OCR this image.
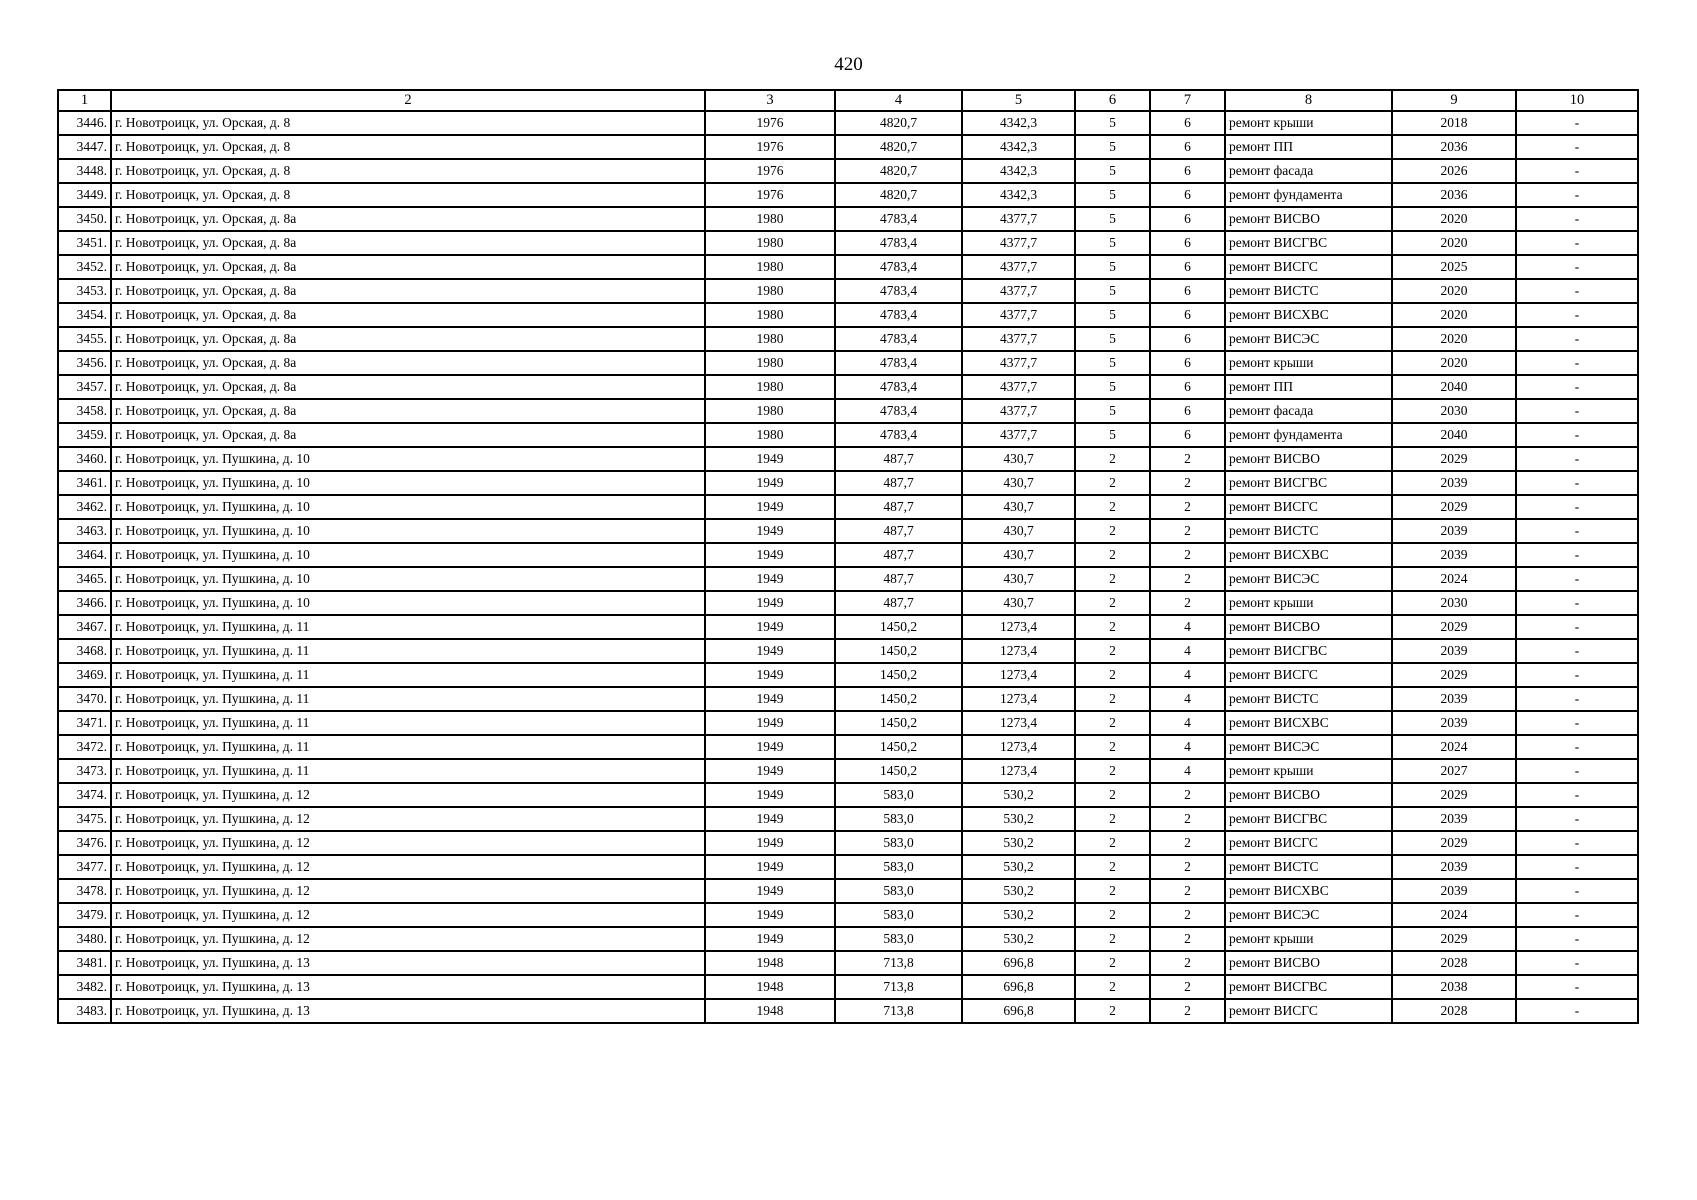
420
1	2	3	4	5	6	7	8	9	10
3446.	г. Новотроицк, ул. Орская, д. 8	1976	4820,7	4342,3	5	6	ремонт крыши	2018	-
3447.	г. Новотроицк, ул. Орская, д. 8	1976	4820,7	4342,3	5	6	ремонт ПП	2036	-
3448.	г. Новотроицк, ул. Орская, д. 8	1976	4820,7	4342,3	5	6	ремонт фасада	2026	-
3449.	г. Новотроицк, ул. Орская, д. 8	1976	4820,7	4342,3	5	6	ремонт фундамента	2036	-
3450.	г. Новотроицк, ул. Орская, д. 8а	1980	4783,4	4377,7	5	6	ремонт ВИСВО	2020	-
3451.	г. Новотроицк, ул. Орская, д. 8а	1980	4783,4	4377,7	5	6	ремонт ВИСГВС	2020	-
3452.	г. Новотроицк, ул. Орская, д. 8а	1980	4783,4	4377,7	5	6	ремонт ВИСГС	2025	-
3453.	г. Новотроицк, ул. Орская, д. 8а	1980	4783,4	4377,7	5	6	ремонт ВИСТС	2020	-
3454.	г. Новотроицк, ул. Орская, д. 8а	1980	4783,4	4377,7	5	6	ремонт ВИСХВС	2020	-
3455.	г. Новотроицк, ул. Орская, д. 8а	1980	4783,4	4377,7	5	6	ремонт ВИСЭС	2020	-
3456.	г. Новотроицк, ул. Орская, д. 8а	1980	4783,4	4377,7	5	6	ремонт крыши	2020	-
3457.	г. Новотроицк, ул. Орская, д. 8а	1980	4783,4	4377,7	5	6	ремонт ПП	2040	-
3458.	г. Новотроицк, ул. Орская, д. 8а	1980	4783,4	4377,7	5	6	ремонт фасада	2030	-
3459.	г. Новотроицк, ул. Орская, д. 8а	1980	4783,4	4377,7	5	6	ремонт фундамента	2040	-
3460.	г. Новотроицк, ул. Пушкина, д. 10	1949	487,7	430,7	2	2	ремонт ВИСВО	2029	-
3461.	г. Новотроицк, ул. Пушкина, д. 10	1949	487,7	430,7	2	2	ремонт ВИСГВС	2039	-
3462.	г. Новотроицк, ул. Пушкина, д. 10	1949	487,7	430,7	2	2	ремонт ВИСГС	2029	-
3463.	г. Новотроицк, ул. Пушкина, д. 10	1949	487,7	430,7	2	2	ремонт ВИСТС	2039	-
3464.	г. Новотроицк, ул. Пушкина, д. 10	1949	487,7	430,7	2	2	ремонт ВИСХВС	2039	-
3465.	г. Новотроицк, ул. Пушкина, д. 10	1949	487,7	430,7	2	2	ремонт ВИСЭС	2024	-
3466.	г. Новотроицк, ул. Пушкина, д. 10	1949	487,7	430,7	2	2	ремонт крыши	2030	-
3467.	г. Новотроицк, ул. Пушкина, д. 11	1949	1450,2	1273,4	2	4	ремонт ВИСВО	2029	-
3468.	г. Новотроицк, ул. Пушкина, д. 11	1949	1450,2	1273,4	2	4	ремонт ВИСГВС	2039	-
3469.	г. Новотроицк, ул. Пушкина, д. 11	1949	1450,2	1273,4	2	4	ремонт ВИСГС	2029	-
3470.	г. Новотроицк, ул. Пушкина, д. 11	1949	1450,2	1273,4	2	4	ремонт ВИСТС	2039	-
3471.	г. Новотроицк, ул. Пушкина, д. 11	1949	1450,2	1273,4	2	4	ремонт ВИСХВС	2039	-
3472.	г. Новотроицк, ул. Пушкина, д. 11	1949	1450,2	1273,4	2	4	ремонт ВИСЭС	2024	-
3473.	г. Новотроицк, ул. Пушкина, д. 11	1949	1450,2	1273,4	2	4	ремонт крыши	2027	-
3474.	г. Новотроицк, ул. Пушкина, д. 12	1949	583,0	530,2	2	2	ремонт ВИСВО	2029	-
3475.	г. Новотроицк, ул. Пушкина, д. 12	1949	583,0	530,2	2	2	ремонт ВИСГВС	2039	-
3476.	г. Новотроицк, ул. Пушкина, д. 12	1949	583,0	530,2	2	2	ремонт ВИСГС	2029	-
3477.	г. Новотроицк, ул. Пушкина, д. 12	1949	583,0	530,2	2	2	ремонт ВИСТС	2039	-
3478.	г. Новотроицк, ул. Пушкина, д. 12	1949	583,0	530,2	2	2	ремонт ВИСХВС	2039	-
3479.	г. Новотроицк, ул. Пушкина, д. 12	1949	583,0	530,2	2	2	ремонт ВИСЭС	2024	-
3480.	г. Новотроицк, ул. Пушкина, д. 12	1949	583,0	530,2	2	2	ремонт крыши	2029	-
3481.	г. Новотроицк, ул. Пушкина, д. 13	1948	713,8	696,8	2	2	ремонт ВИСВО	2028	-
3482.	г. Новотроицк, ул. Пушкина, д. 13	1948	713,8	696,8	2	2	ремонт ВИСГВС	2038	-
3483.	г. Новотроицк, ул. Пушкина, д. 13	1948	713,8	696,8	2	2	ремонт ВИСГС	2028	-
